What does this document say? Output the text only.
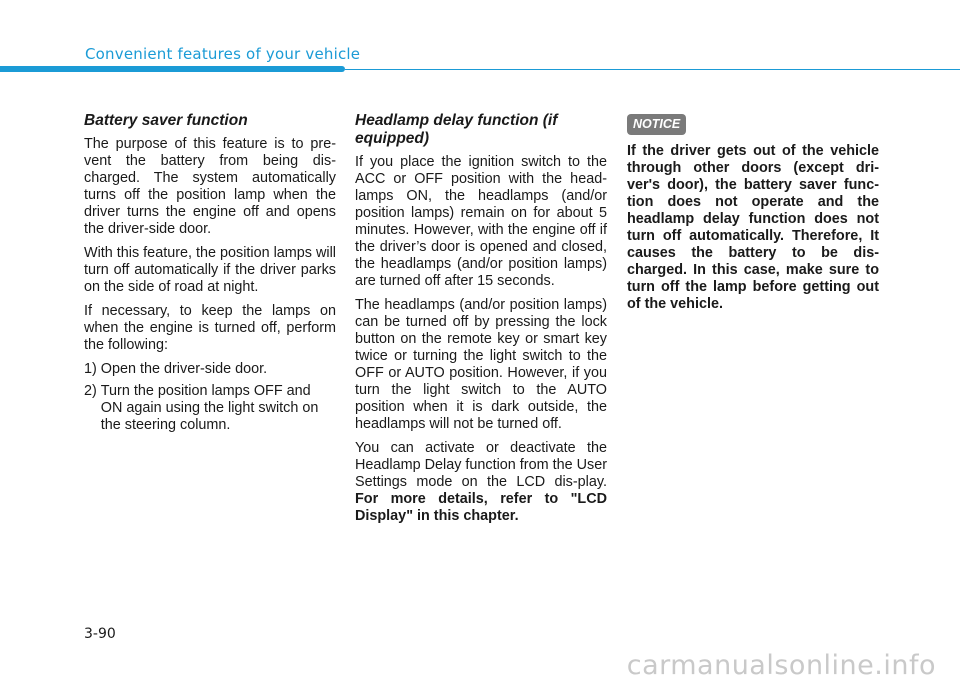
Convenient features of your vehicle
Battery saver function

The purpose of this feature is to pre-vent the battery from being dis-charged. The system automatically turns off the position lamp when the driver turns the engine off and opens the driver-side door.

With this feature, the position lamps will turn off automatically if the driver parks on the side of road at night.

If necessary, to keep the lamps on when the engine is turned off, perform the following:

1) Open the driver-side door.
2) Turn the position lamps OFF and ON again using the light switch on the steering column.
Headlamp delay function (if equipped)

If you place the ignition switch to the ACC or OFF position with the head-lamps ON, the headlamps (and/or position lamps) remain on for about 5 minutes. However, with the engine off if the driver’s door is opened and closed, the headlamps (and/or position lamps) are turned off after 15 seconds.

The headlamps (and/or position lamps) can be turned off by pressing the lock button on the remote key or smart key twice or turning the light switch to the OFF or AUTO position. However, if you turn the light switch to the AUTO position when it is dark outside, the headlamps will not be turned off.

You can activate or deactivate the Headlamp Delay function from the User Settings mode on the LCD dis-play. For more details, refer to "LCD Display" in this chapter.

NOTICE

If the driver gets out of the vehicle through other doors (except dri-ver's door), the battery saver func-tion does not operate and the headlamp delay function does not turn off automatically. Therefore, It causes the battery to be dis-charged. In this case, make sure to turn off the lamp before getting out of the vehicle.

3-90
carmanualsonline.info
